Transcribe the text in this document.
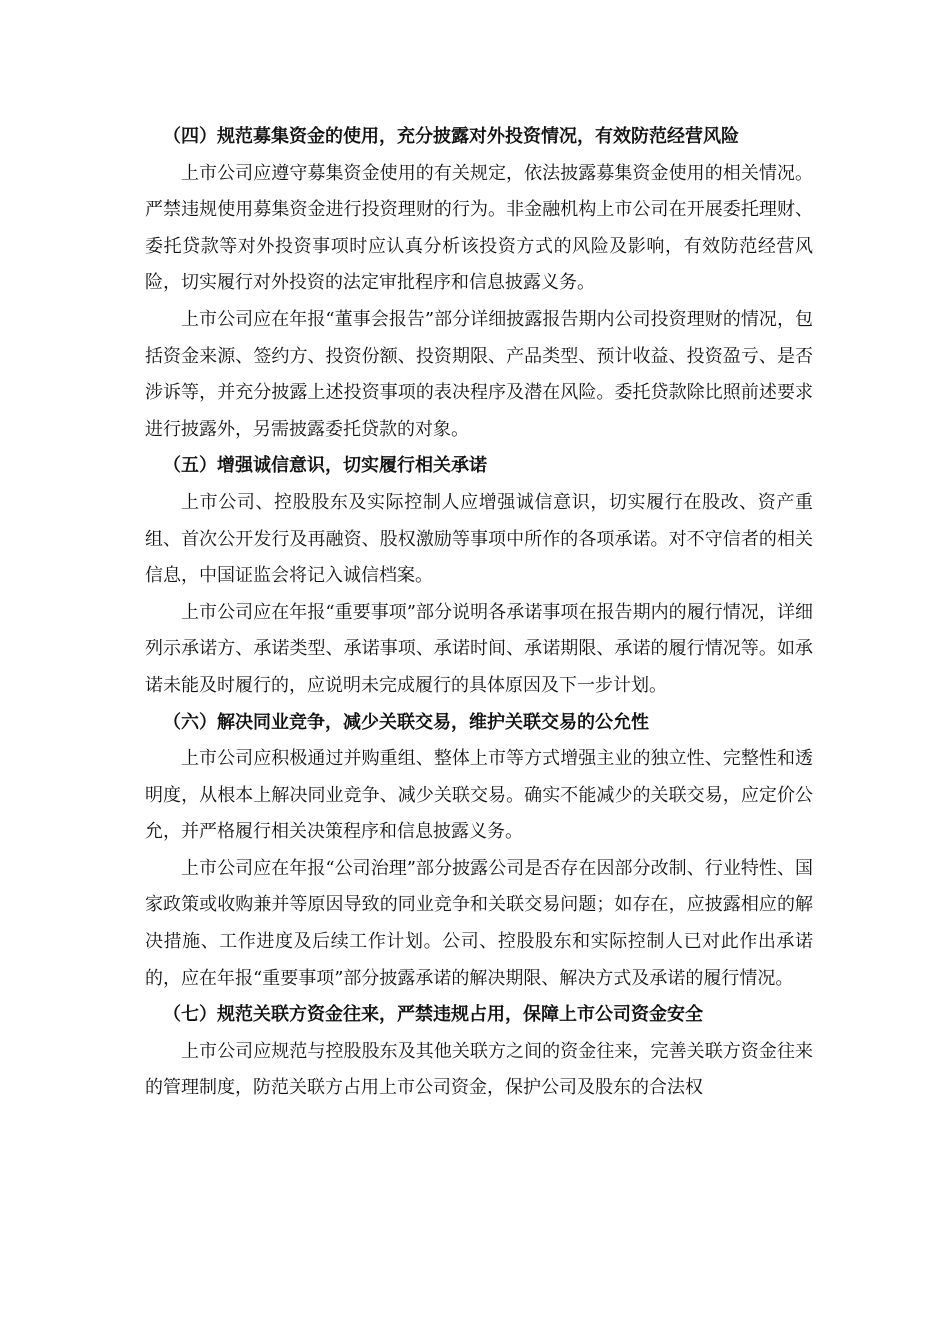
（四）规范募集资金的使用，充分披露对外投资情况，有效防范经营风险

上市公司应遵守募集资金使用的有关规定，依法披露募集资金使用的相关情况。严禁违规使用募集资金进行投资理财的行为。非金融机构上市公司在开展委托理财、委托贷款等对外投资事项时应认真分析该投资方式的风险及影响，有效防范经营风险，切实履行对外投资的法定审批程序和信息披露义务。

上市公司应在年报“董事会报告”部分详细披露报告期内公司投资理财的情况，包括资金来源、签约方、投资份额、投资期限、产品类型、预计收益、投资盈亏、是否涉诉等，并充分披露上述投资事项的表决程序及潜在风险。委托贷款除比照前述要求进行披露外，另需披露委托贷款的对象。

（五）增强诚信意识，切实履行相关承诺

上市公司、控股股东及实际控制人应增强诚信意识，切实履行在股改、资产重组、首次公开发行及再融资、股权激励等事项中所作的各项承诺。对不守信者的相关信息，中国证监会将记入诚信档案。

上市公司应在年报“重要事项”部分说明各承诺事项在报告期内的履行情况，详细列示承诺方、承诺类型、承诺事项、承诺时间、承诺期限、承诺的履行情况等。如承诺未能及时履行的，应说明未完成履行的具体原因及下一步计划。

（六）解决同业竞争，减少关联交易，维护关联交易的公允性

上市公司应积极通过并购重组、整体上市等方式增强主业的独立性、完整性和透明度，从根本上解决同业竞争、减少关联交易。确实不能减少的关联交易，应定价公允，并严格履行相关决策程序和信息披露义务。

上市公司应在年报“公司治理”部分披露公司是否存在因部分改制、行业特性、国家政策或收购兼并等原因导致的同业竞争和关联交易问题；如存在，应披露相应的解决措施、工作进度及后续工作计划。公司、控股股东和实际控制人已对此作出承诺的，应在年报“重要事项”部分披露承诺的解决期限、解决方式及承诺的履行情况。

（七）规范关联方资金往来，严禁违规占用，保障上市公司资金安全

上市公司应规范与控股股东及其他关联方之间的资金往来，完善关联方资金往来的管理制度，防范关联方占用上市公司资金，保护公司及股东的合法权
